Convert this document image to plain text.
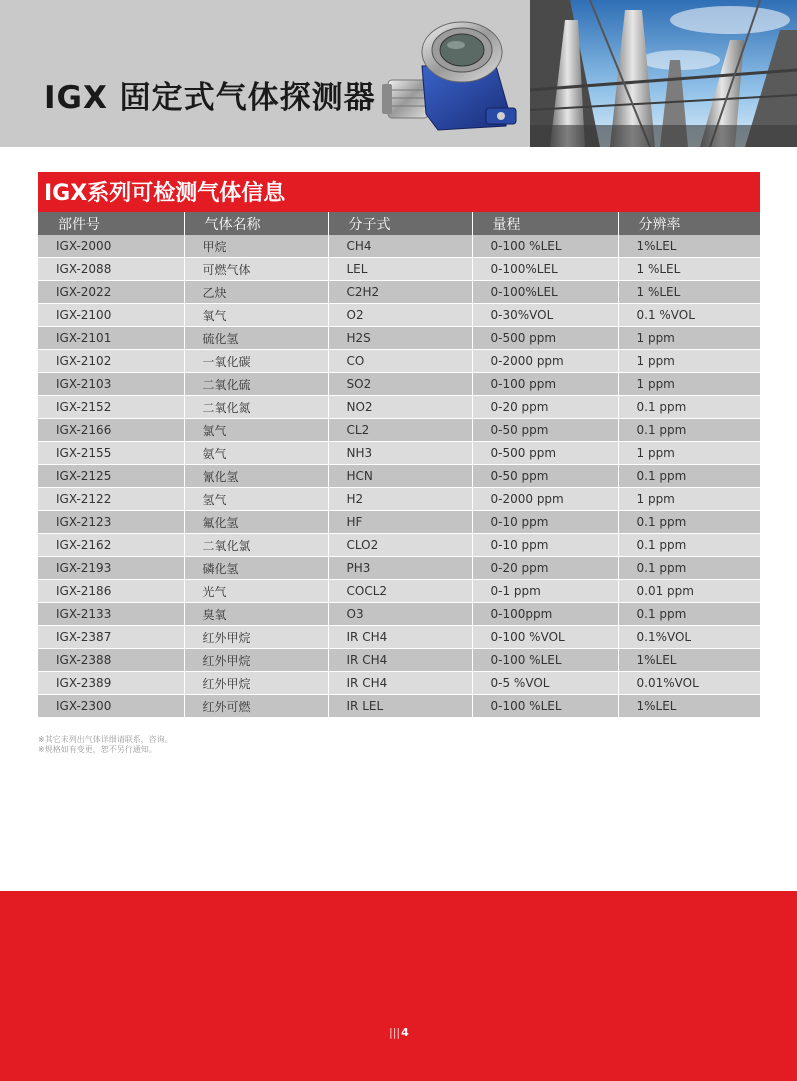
IGX 固定式气体探测器
IGX系列可检测气体信息
部件号	气体名称	分子式	量程	分辨率
IGX-2000	甲烷	CH4	0-100 %LEL	1%LEL
IGX-2088	可燃气体	LEL	0-100%LEL	1 %LEL
IGX-2022	乙炔	C2H2	0-100%LEL	1 %LEL
IGX-2100	氧气	O2	0-30%VOL	0.1 %VOL
IGX-2101	硫化氢	H2S	0-500 ppm	1 ppm
IGX-2102	一氧化碳	CO	0-2000 ppm	1 ppm
IGX-2103	二氧化硫	SO2	0-100 ppm	1 ppm
IGX-2152	二氧化氮	NO2	0-20 ppm	0.1 ppm
IGX-2166	氯气	CL2	0-50 ppm	0.1 ppm
IGX-2155	氨气	NH3	0-500 ppm	1 ppm
IGX-2125	氰化氢	HCN	0-50 ppm	0.1 ppm
IGX-2122	氢气	H2	0-2000 ppm	1 ppm
IGX-2123	氟化氢	HF	0-10 ppm	0.1 ppm
IGX-2162	二氧化氯	CLO2	0-10 ppm	0.1 ppm
IGX-2193	磷化氢	PH3	0-20 ppm	0.1 ppm
IGX-2186	光气	COCL2	0-1 ppm	0.01 ppm
IGX-2133	臭氧	O3	0-100ppm	0.1 ppm
IGX-2387	红外甲烷	IR CH4	0-100 %VOL	0.1%VOL
IGX-2388	红外甲烷	IR CH4	0-100 %LEL	1%LEL
IGX-2389	红外甲烷	IR CH4	0-5 %VOL	0.01%VOL
IGX-2300	红外可燃	IR LEL	0-100 %LEL	1%LEL
※其它未列出气体详细请联系，咨询。
※规格如有变更，恕不另行通知。
|||4
